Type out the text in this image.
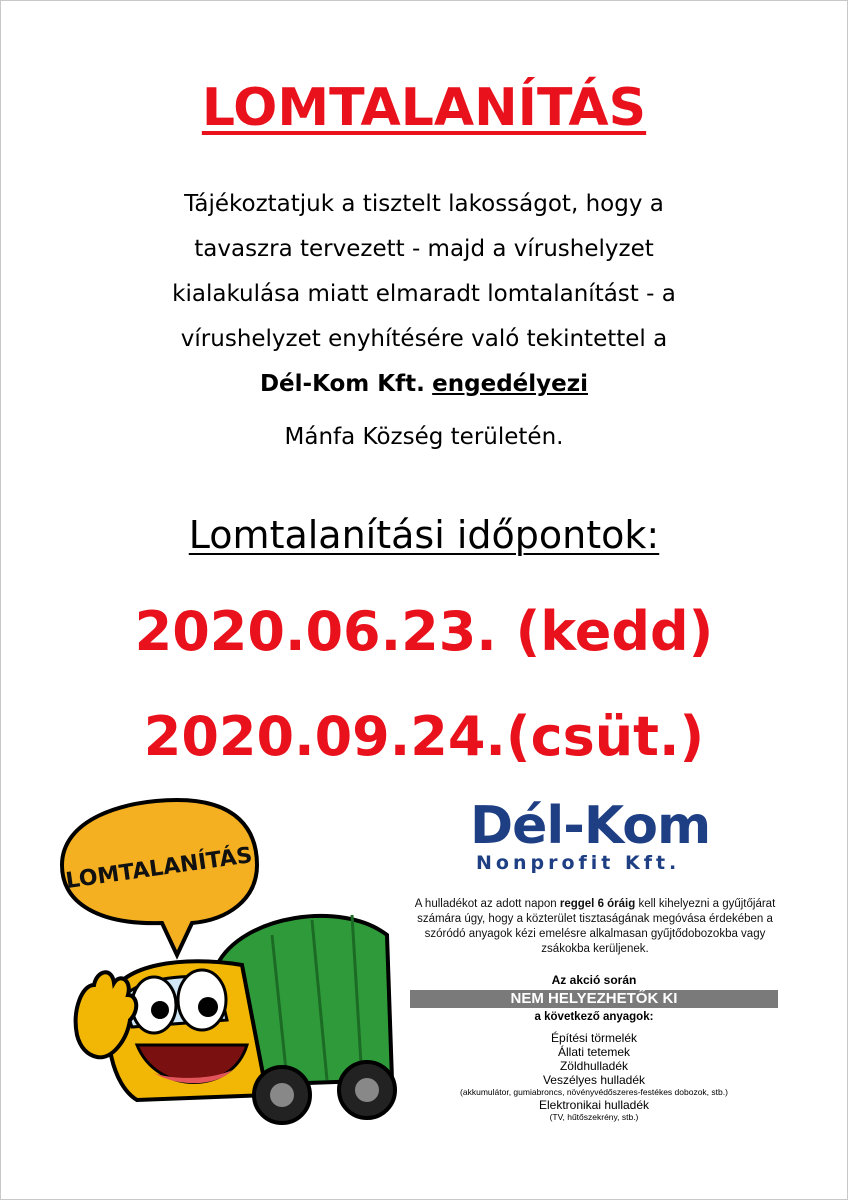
LOMTALANÍTÁS
Tájékoztatjuk a tisztelt lakosságot, hogy a
tavaszra tervezett - majd a vírushelyzet
kialakulása miatt elmaradt lomtalanítást - a
vírushelyzet enyhítésére való tekintettel a
Dél-Kom Kft. engedélyezi
Mánfa Község területén.
Lomtalanítási időpontok:
2020.06.23. (kedd)
2020.09.24.(csüt.)
LOMTALANÍTÁS
Dél-Kom
Nonprofit Kft.
A hulladékot az adott napon reggel 6 óráig kell kihelyezni a gyűjtőjárat számára úgy, hogy a közterület tisztaságának megóvása érdekében a szóródó anyagok kézi emelésre alkalmasan gyűjtődobozokba vagy zsákokba kerüljenek.
Az akció során
NEM HELYEZHETŐK KI
a következő anyagok:
Építési törmelék
Állati tetemek
Zöldhulladék
Veszélyes hulladék
(akkumulátor, gumiabroncs, növényvédőszeres-festékes dobozok, stb.)
Elektronikai hulladék
(TV, hűtőszekrény, stb.)
